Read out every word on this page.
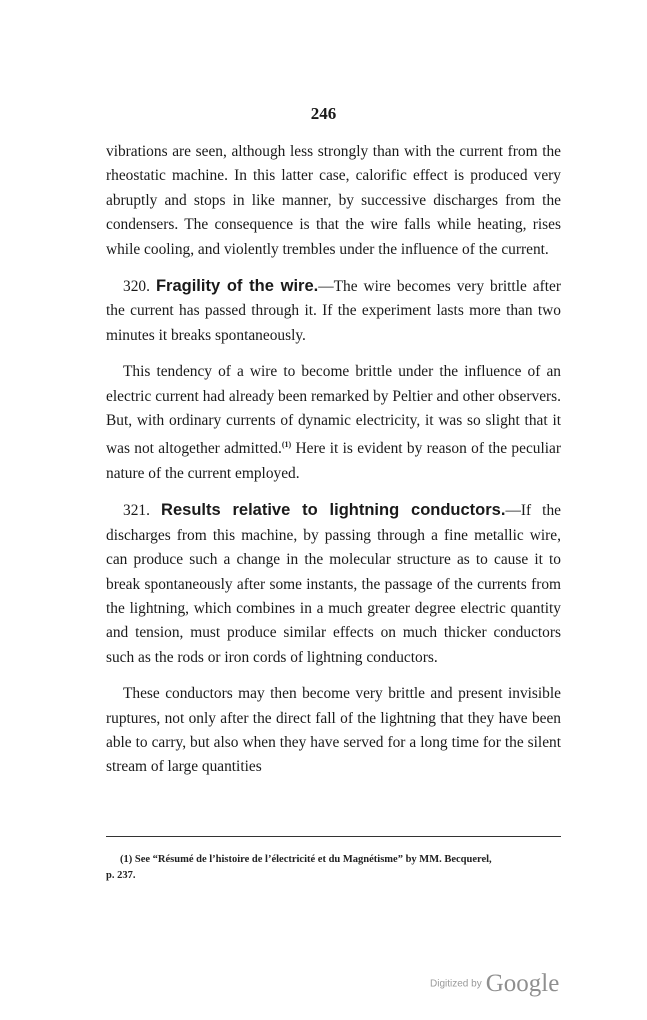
246

vibrations are seen, although less strongly than with the current from the rheostatic machine. In this latter case, calorific effect is produced very abruptly and stops in like manner, by successive discharges from the condensers. The consequence is that the wire falls while heating, rises while cooling, and violently trembles under the influence of the current.

320. Fragility of the wire.—The wire becomes very brittle after the current has passed through it. If the experiment lasts more than two minutes it breaks spontaneously.

This tendency of a wire to become brittle under the influence of an electric current had already been remarked by Peltier and other observers. But, with ordinary currents of dynamic electricity, it was so slight that it was not altogether admitted.$^{(1)}$ Here it is evident by reason of the peculiar nature of the current employed.

321. Results relative to lightning conductors.—If the discharges from this machine, by passing through a fine metallic wire, can produce such a change in the molecular structure as to cause it to break spontaneously after some instants, the passage of the currents from the lightning, which combines in a much greater degree electric quantity and tension, must produce similar effects on much thicker conductors such as the rods or iron cords of lightning conductors.

These conductors may then become very brittle and present invisible ruptures, not only after the direct fall of the lightning that they have been able to carry, but also when they have served for a long time for the silent stream of large quantities

(1) See “Résumé de l’histoire de l’électricité et du Magnétisme” by MM. Becquerel,
p. 237.
Digitized by Google
